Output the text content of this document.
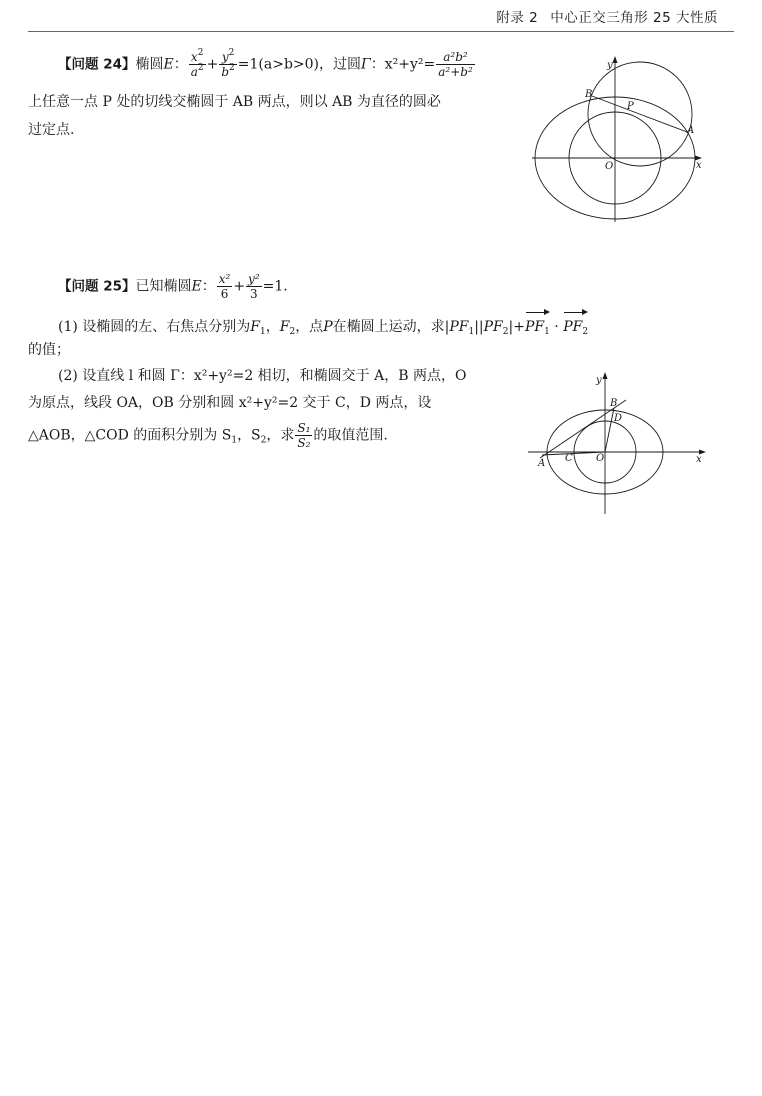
附录 2 中心正交三角形 25 大性质
【问题 24】椭圆E： $\frac{x^2}{a^2} + \frac{y^2}{b^2} =1(a>b>0)$，过圆Γ：$x^2+y^2= \frac{\text{a²b²}}{\text{a²+b²}}$
上任意一点 P 处的切线交椭圆于 AB 两点，则以 AB 为直径的圆必
过定点.
y
x
O
B
P
A
【问题 25】已知椭圆E： $\frac{\text{x²}}{6} + \frac{\text{y²}}{3} =1$.
(1) 设椭圆的左、右焦点分别为$F_1$，$F_2$，点P在椭圆上运动，求$|PF_1||PF_2|+PF_1 \cdot PF_2$
的值；
(2) 设直线 l 和圆 Γ：x²+y²=2 相切，和椭圆交于 A，B 两点，O
为原点，线段 OA，OB 分别和圆 x²+y²=2 交于 C，D 两点，设
△AOB，△COD 的面积分别为 $S_1$，$S_2$，求 $\frac{\text{S₁}}{\text{S₂}}$ 的取值范围.
y
x
O
A
B
C
D
